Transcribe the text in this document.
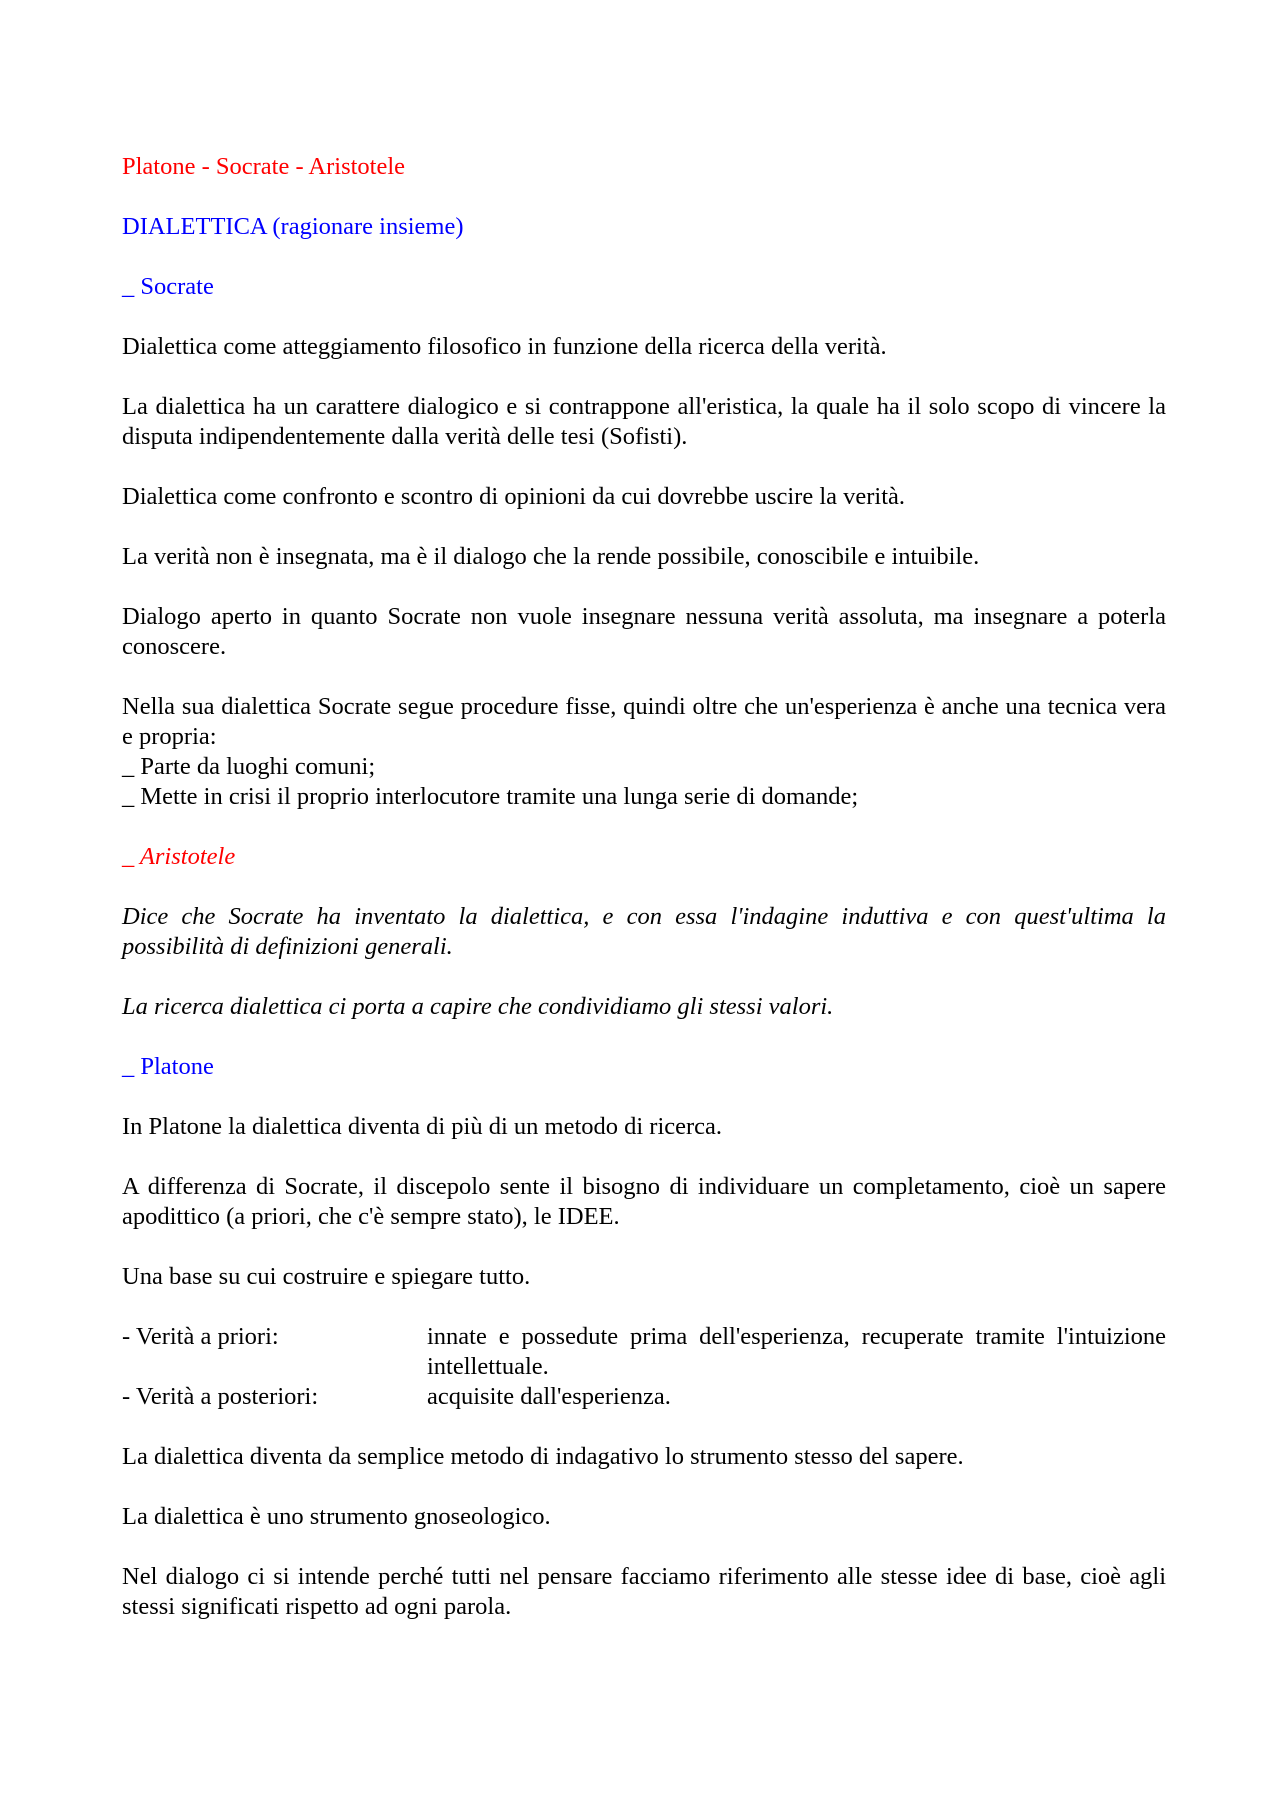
Platone - Socrate - Aristotele

DIALETTICA (ragionare insieme)

_ Socrate

Dialettica come atteggiamento filosofico in funzione della ricerca della verità.

La dialettica ha un carattere dialogico e si contrappone all'eristica, la quale ha il solo scopo di vincere la disputa indipendentemente dalla verità delle tesi (Sofisti).

Dialettica come confronto e scontro di opinioni da cui dovrebbe uscire la verità.

La verità non è insegnata, ma è il dialogo che la rende possibile, conoscibile e intuibile.

Dialogo aperto in quanto Socrate non vuole insegnare nessuna verità assoluta, ma insegnare a poterla conoscere.

Nella sua dialettica Socrate segue procedure fisse, quindi oltre che un'esperienza è anche una tecnica vera e propria:

_ Parte da luoghi comuni;
_ Mette in crisi il proprio interlocutore tramite una lunga serie di domande;

_ Aristotele

Dice che Socrate ha inventato la dialettica, e con essa l'indagine induttiva e con quest'ultima la possibilità di definizioni generali.

La ricerca dialettica ci porta a capire che condividiamo gli stessi valori.

_ Platone

In Platone la dialettica diventa di più di un metodo di ricerca.

A differenza di Socrate, il discepolo sente il bisogno di individuare un completamento, cioè un sapere apodittico (a priori, che c'è sempre stato), le IDEE.

Una base su cui costruire e spiegare tutto.

- Verità a priori:	innate e possedute prima dell'esperienza, recuperate tramite l'intuizione intellettuale.
- Verità a posteriori:	acquisite dall'esperienza.

La dialettica diventa da semplice metodo di indagativo lo strumento stesso del sapere.

La dialettica è uno strumento gnoseologico.

Nel dialogo ci si intende perché tutti nel pensare facciamo riferimento alle stesse idee di base, cioè agli stessi significati rispetto ad ogni parola.
